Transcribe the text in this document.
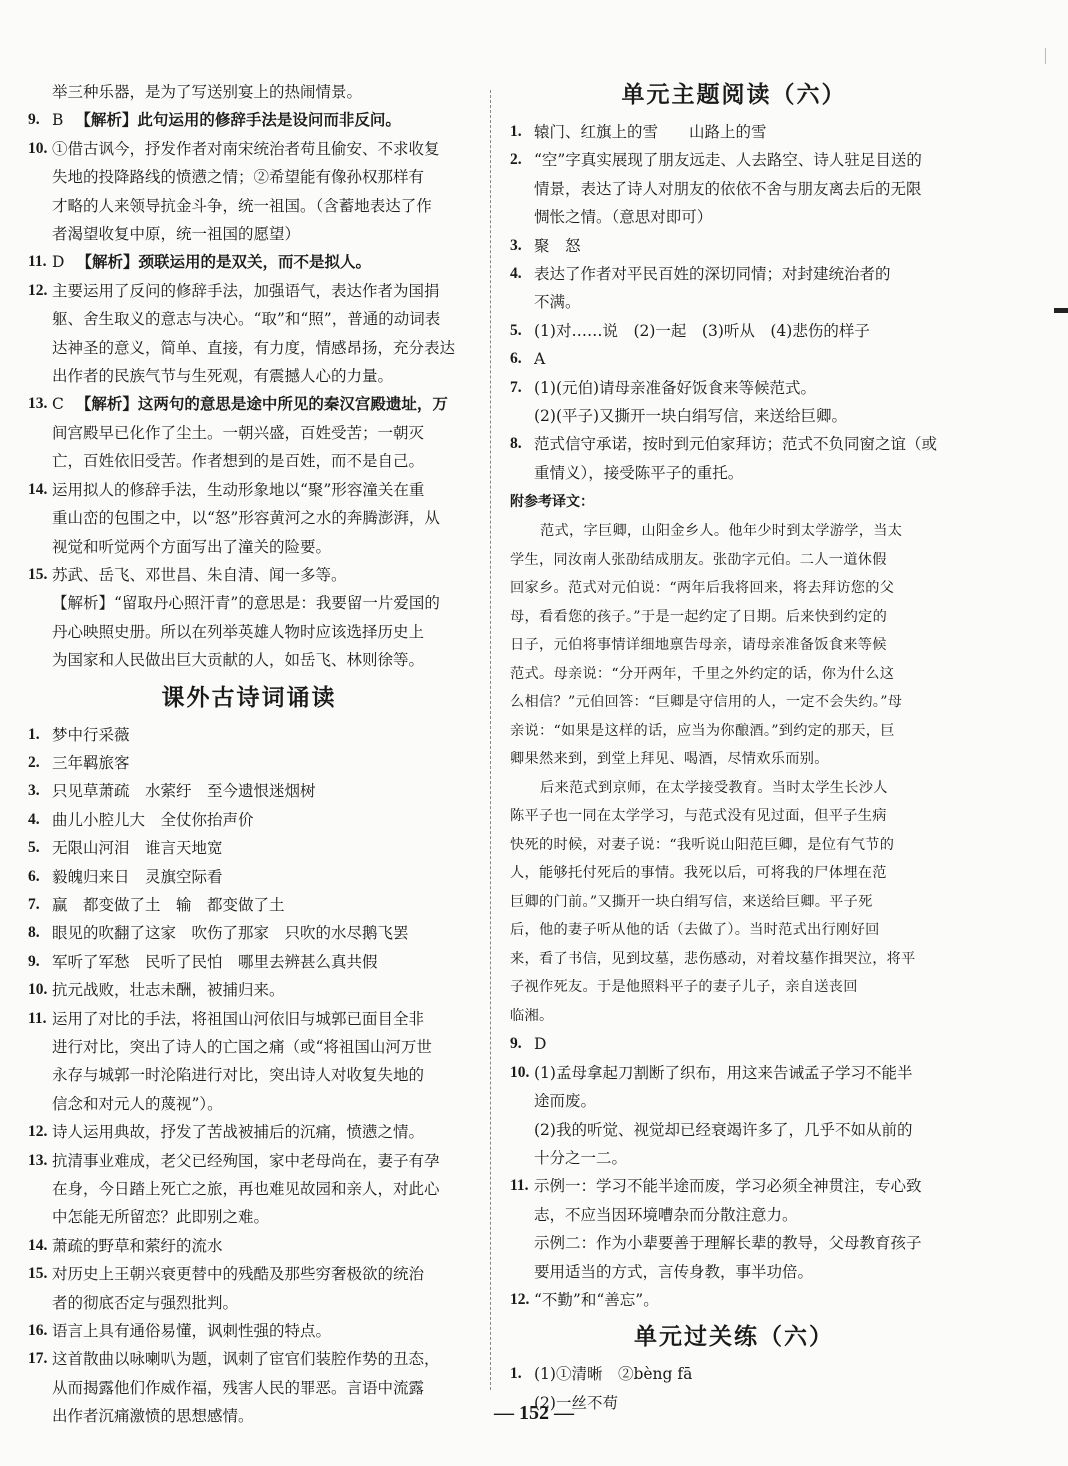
举三种乐器，是为了写送别宴上的热闹情景。
9. B 【解析】此句运用的修辞手法是设问而非反问。
10. ①借古讽今，抒发作者对南宋统治者苟且偷安、不求收复
失地的投降路线的愤懑之情；②希望能有像孙权那样有
才略的人来领导抗金斗争，统一祖国。（含蓄地表达了作
者渴望收复中原，统一祖国的愿望）
11. D 【解析】颈联运用的是双关，而不是拟人。
12. 主要运用了反问的修辞手法，加强语气，表达作者为国捐
躯、舍生取义的意志与决心。“取”和“照”，普通的动词表
达神圣的意义，简单、直接，有力度，情感昂扬，充分表达
出作者的民族气节与生死观，有震撼人心的力量。
13. C 【解析】这两句的意思是途中所见的秦汉宫殿遗址，万
间宫殿早已化作了尘土。一朝兴盛，百姓受苦；一朝灭
亡，百姓依旧受苦。作者想到的是百姓，而不是自己。
14. 运用拟人的修辞手法，生动形象地以“聚”形容潼关在重
重山峦的包围之中，以“怒”形容黄河之水的奔腾澎湃，从
视觉和听觉两个方面写出了潼关的险要。
15. 苏武、岳飞、邓世昌、朱自清、闻一多等。
【解析】“留取丹心照汗青”的意思是：我要留一片爱国的
丹心映照史册。所以在列举英雄人物时应该选择历史上
为国家和人民做出巨大贡献的人，如岳飞、林则徐等。
课外古诗词诵读
1. 梦中行采薇
2. 三年羁旅客
3. 只见草萧疏　水萦纡　至今遗恨迷烟树
4. 曲儿小腔儿大　全仗你抬声价
5. 无限山河泪　谁言天地宽
6. 毅魄归来日　灵旗空际看
7. 赢　都变做了土　输　都变做了土
8. 眼见的吹翻了这家　吹伤了那家　只吹的水尽鹅飞罢
9. 军听了军愁　民听了民怕　哪里去辨甚么真共假
10. 抗元战败，壮志未酬，被捕归来。
11. 运用了对比的手法，将祖国山河依旧与城郭已面目全非
进行对比，突出了诗人的亡国之痛（或“将祖国山河万世
永存与城郭一时沦陷进行对比，突出诗人对收复失地的
信念和对元人的蔑视”）。
12. 诗人运用典故，抒发了苦战被捕后的沉痛，愤懑之情。
13. 抗清事业难成，老父已经殉国，家中老母尚在，妻子有孕
在身，今日踏上死亡之旅，再也难见故园和亲人，对此心
中怎能无所留恋？此即别之难。
14. 萧疏的野草和萦纡的流水
15. 对历史上王朝兴衰更替中的残酷及那些穷奢极欲的统治
者的彻底否定与强烈批判。
16. 语言上具有通俗易懂，讽刺性强的特点。
17. 这首散曲以咏喇叭为题，讽刺了宦官们装腔作势的丑态，
从而揭露他们作威作福，残害人民的罪恶。言语中流露
出作者沉痛激愤的思想感情。
单元主题阅读（六）
1. 辕门、红旗上的雪　　山路上的雪
2. “空”字真实展现了朋友远走、人去路空、诗人驻足目送的
情景，表达了诗人对朋友的依依不舍与朋友离去后的无限
惆怅之情。（意思对即可）
3. 聚　怒
4. 表达了作者对平民百姓的深切同情；对封建统治者的
不满。
5. (1)对……说　(2)一起　(3)听从　(4)悲伤的样子
6. A
7. (1)(元伯)请母亲准备好饭食来等候范式。
(2)(平子)又撕开一块白绢写信，来送给巨卿。
8. 范式信守承诺，按时到元伯家拜访；范式不负同窗之谊（或
重情义），接受陈平子的重托。
附参考译文：
范式，字巨卿，山阳金乡人。他年少时到太学游学，当太
学生，同汝南人张劭结成朋友。张劭字元伯。二人一道休假
回家乡。范式对元伯说：“两年后我将回来，将去拜访您的父
母，看看您的孩子。”于是一起约定了日期。后来快到约定的
日子，元伯将事情详细地禀告母亲，请母亲准备饭食来等候
范式。母亲说：“分开两年，千里之外约定的话，你为什么这
么相信？”元伯回答：“巨卿是守信用的人，一定不会失约。”母
亲说：“如果是这样的话，应当为你酿酒。”到约定的那天，巨
卿果然来到，到堂上拜见、喝酒，尽情欢乐而别。
后来范式到京师，在太学接受教育。当时太学生长沙人
陈平子也一同在太学学习，与范式没有见过面，但平子生病
快死的时候，对妻子说：“我听说山阳范巨卿，是位有气节的
人，能够托付死后的事情。我死以后，可将我的尸体埋在范
巨卿的门前。”又撕开一块白绢写信，来送给巨卿。平子死
后，他的妻子听从他的话（去做了）。当时范式出行刚好回
来，看了书信，见到坟墓，悲伤感动，对着坟墓作揖哭泣，将平
子视作死友。于是他照料平子的妻子儿子，亲自送丧回
临湘。
9. D
10. (1)孟母拿起刀割断了织布，用这来告诫孟子学习不能半
途而废。
(2)我的听觉、视觉却已经衰竭许多了，几乎不如从前的
十分之一二。
11. 示例一：学习不能半途而废，学习必须全神贯注，专心致
志，不应当因环境嘈杂而分散注意力。
示例二：作为小辈要善于理解长辈的教导，父母教育孩子
要用适当的方式，言传身教，事半功倍。
12. “不勤”和“善忘”。
单元过关练（六）
1. (1)①清晰　②bèng fā
(2)一丝不苟
— 152 —
